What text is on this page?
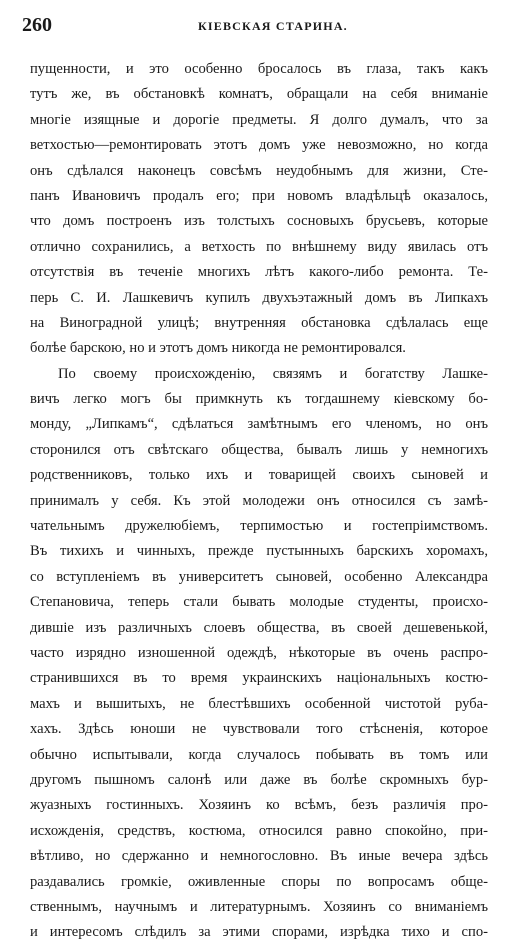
260	КІЕВСКАЯ СТАРИНА.
пущенности, и это особенно бросалось въ глаза, такъ какъ
тутъ же, въ обстановкѣ комнатъ, обращали на себя вниманіе
многіе изящные и дорогіе предметы. Я долго думалъ, что за
ветхостью—ремонтировать этотъ домъ уже невозможно, но когда
онъ сдѣлался наконецъ совсѣмъ неудобнымъ для жизни, Сте-
панъ Ивановичъ продалъ его; при новомъ владѣльцѣ оказалось,
что домъ построенъ изъ толстыхъ сосновыхъ брусьевъ, которые
отлично сохранились, а ветхость по внѣшнему виду явилась отъ
отсутствія въ теченіе многихъ лѣтъ какого-либо ремонта. Те-
перь С. И. Лашкевичъ купилъ двухъэтажный домъ въ Липкахъ
на Виноградной улицѣ; внутренняя обстановка сдѣлалась еще
болѣе барскою, но и этотъ домъ никогда не ремонтировался.
По своему происхожденію, связямъ и богатству Лашке-
вичъ легко могъ бы примкнуть къ тогдашнему кіевскому бо-
монду, „Липкамъ“, сдѣлаться замѣтнымъ его членомъ, но онъ
сторонился отъ свѣтскаго общества, бывалъ лишь у немногихъ
родственниковъ, только ихъ и товарищей своихъ сыновей и
принималъ у себя. Къ этой молодежи онъ относился съ замѣ-
чательнымъ дружелюбіемъ, терпимостью и гостепріимствомъ.
Въ тихихъ и чинныхъ, прежде пустынныхъ барскихъ хоромахъ,
со вступленіемъ въ университетъ сыновей, особенно Александра
Степановича, теперь стали бывать молодые студенты, происхо-
дившіе изъ различныхъ слоевъ общества, въ своей дешевенькой,
часто изрядно изношенной одеждѣ, нѣкоторые въ очень распро-
странившихся въ то время украинскихъ національныхъ костю-
махъ и вышитыхъ, не блестѣвшихъ особенной чистотой руба-
хахъ. Здѣсь юноши не чувствовали того стѣсненія, которое
обычно испытывали, когда случалось побывать въ томъ или
другомъ пышномъ салонѣ или даже въ болѣе скромныхъ бур-
жуазныхъ гостинныхъ. Хозяинъ ко всѣмъ, безъ различія про-
исхожденія, средствъ, костюма, относился равно спокойно, при-
вѣтливо, но сдержанно и немногословно. Въ иные вечера здѣсь
раздавались громкіе, оживленные споры по вопросамъ обще-
ственнымъ, научнымъ и литературнымъ. Хозяинъ со вниманіемъ
и интересомъ слѣдилъ за этими спорами, изрѣдка тихо и спо-
